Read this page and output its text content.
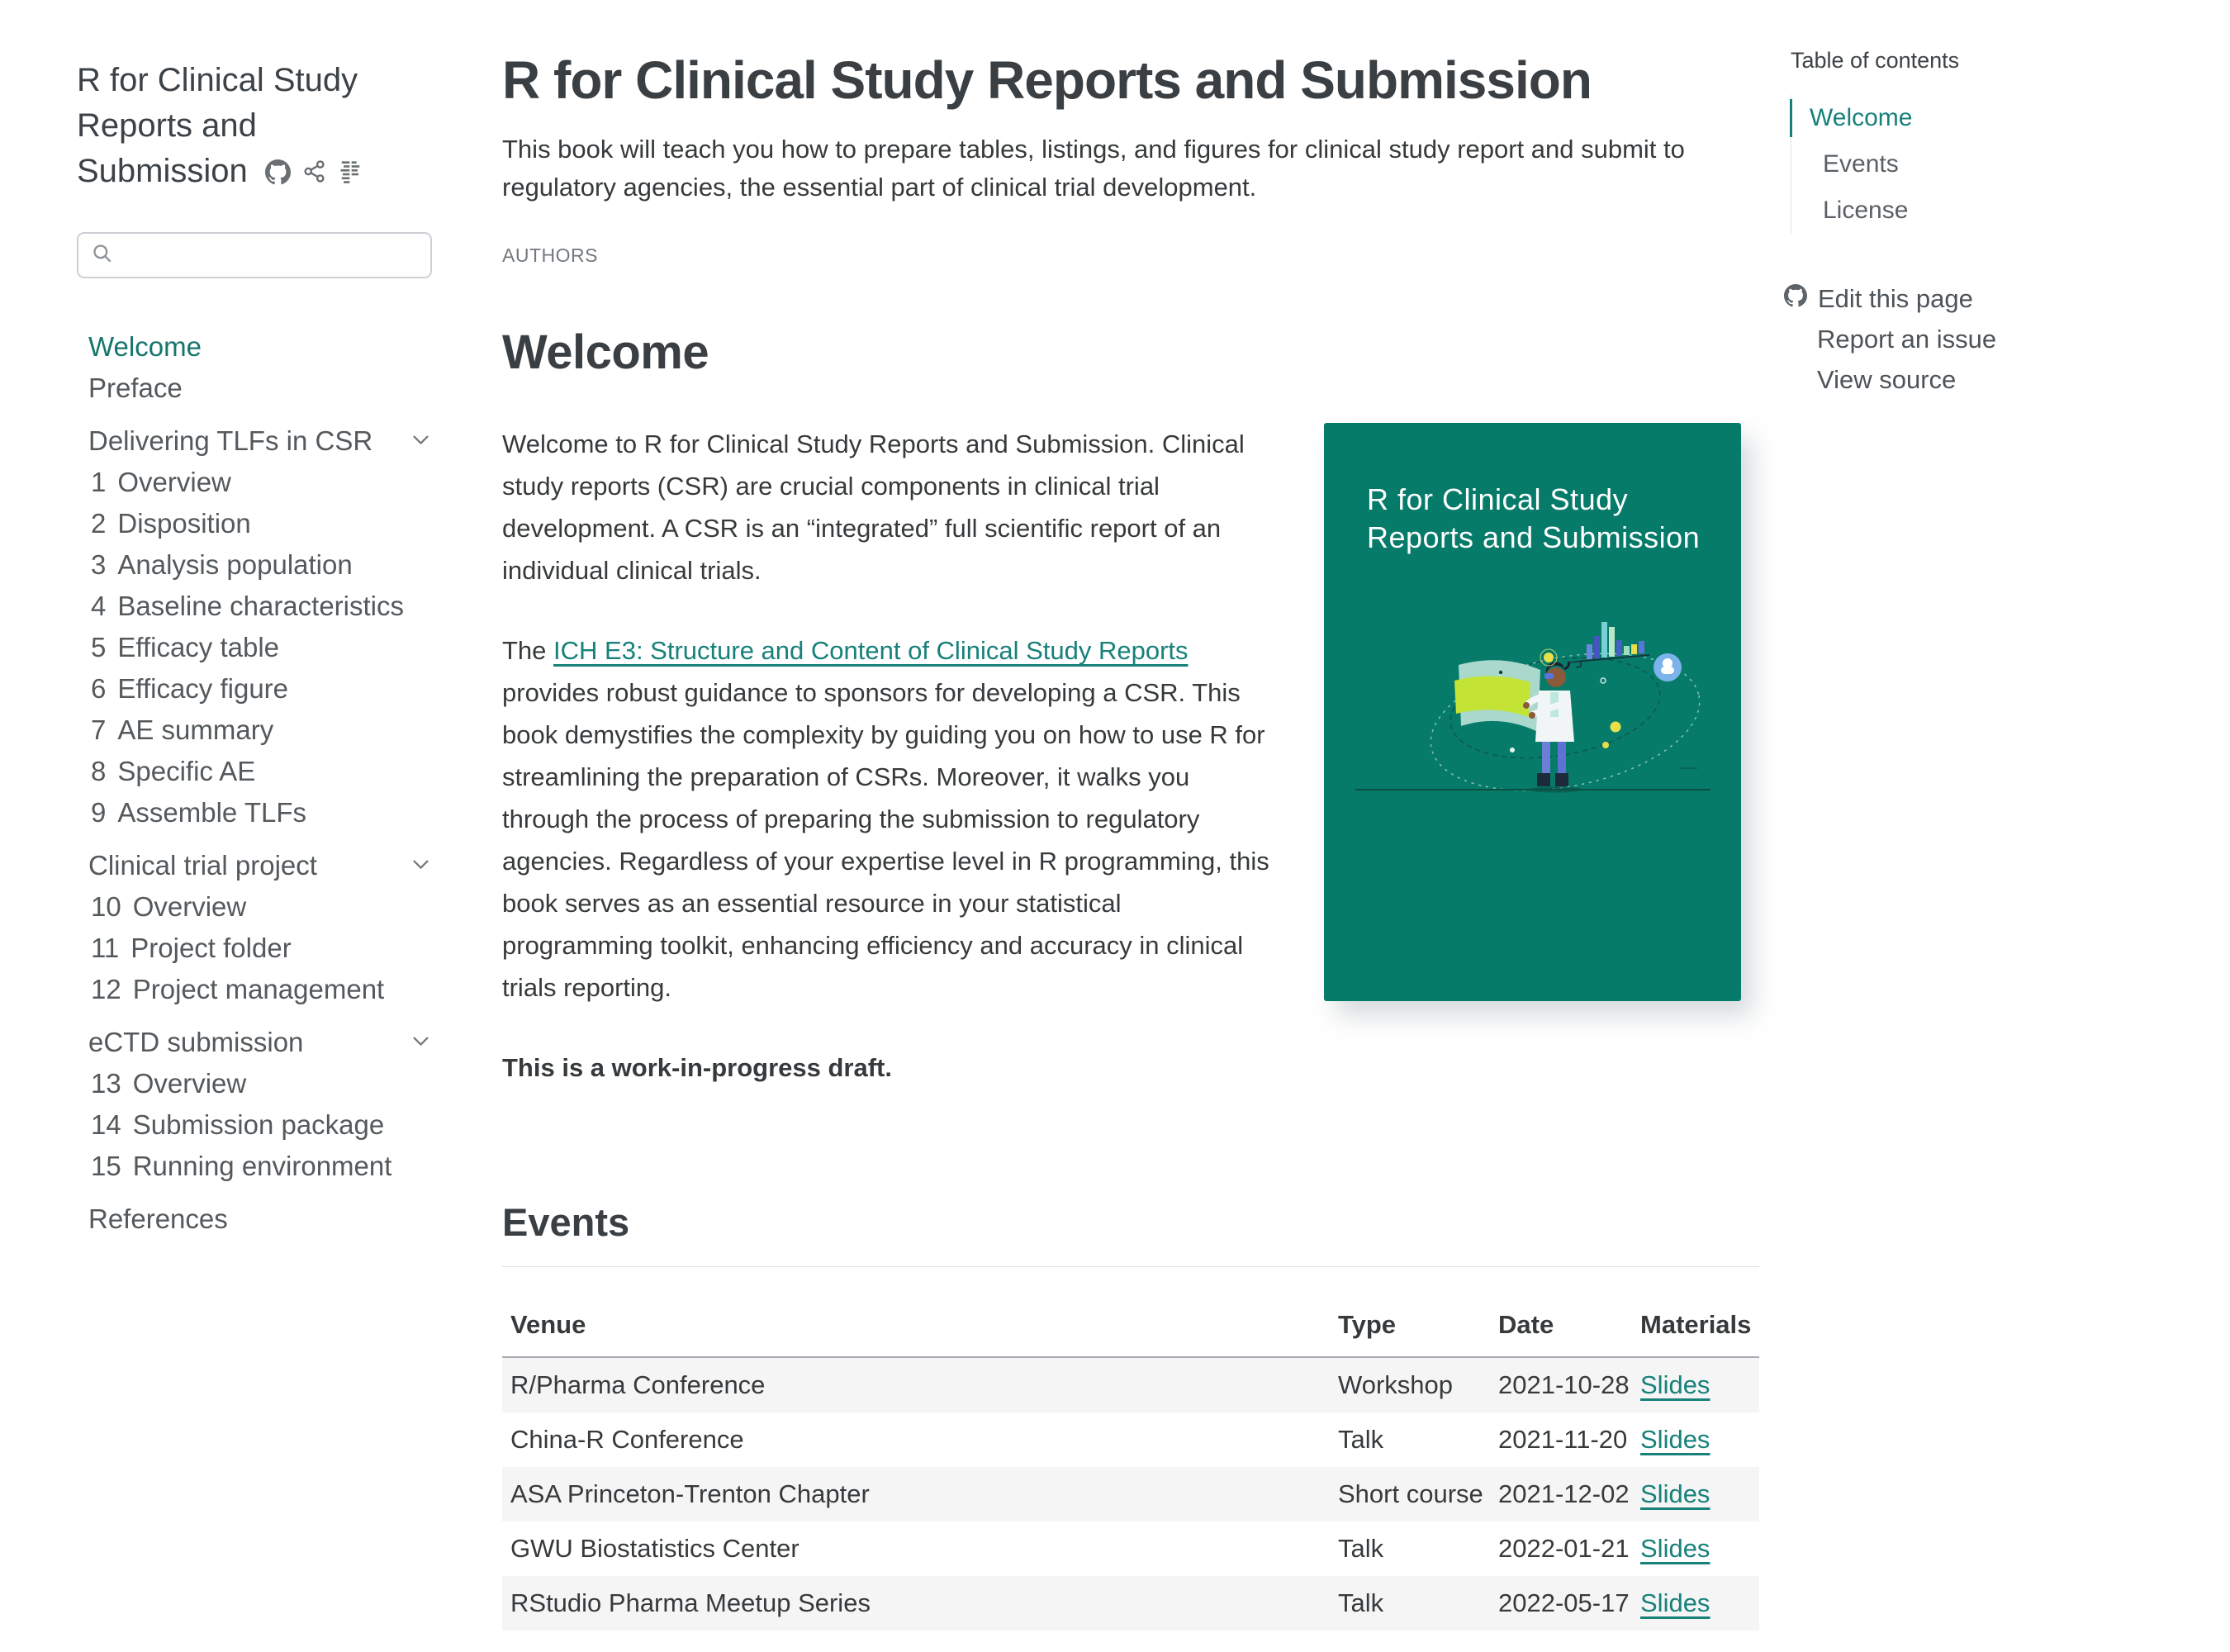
R for Clinical Study Reports and Submission
Welcome
Preface
Delivering TLFs in CSR
1 Overview
2 Disposition
3 Analysis population
4 Baseline characteristics
5 Efficacy table
6 Efficacy figure
7 AE summary
8 Specific AE
9 Assemble TLFs
Clinical trial project
10 Overview
11 Project folder
12 Project management
eCTD submission
13 Overview
14 Submission package
15 Running environment
References
R for Clinical Study Reports and Submission

This book will teach you how to prepare tables, listings, and figures for clinical study report and submit to regulatory agencies, the essential part of clinical trial development.

AUTHORS
Welcome

Welcome to R for Clinical Study Reports and Submission. Clinical study reports (CSR) are crucial components in clinical trial development. A CSR is an “integrated” full scientific report of an individual clinical trials.

The ICH E3: Structure and Content of Clinical Study Reports provides robust guidance to sponsors for developing a CSR. This book demystifies the complexity by guiding you on how to use R for streamlining the preparation of CSRs. Moreover, it walks you through the process of preparing the submission to regulatory agencies. Regardless of your expertise level in R programming, this book serves as an essential resource in your statistical programming toolkit, enhancing efficiency and accuracy in clinical trials reporting.

This is a work-in-progress draft.

R for Clinical Study
Reports and Submission
Events
Venue	Type	Date	Materials
R/Pharma Conference	Workshop	2021-10-28	Slides
China-R Conference	Talk	2021-11-20	Slides
ASA Princeton-Trenton Chapter	Short course	2021-12-02	Slides
GWU Biostatistics Center	Talk	2022-01-21	Slides
RStudio Pharma Meetup Series	Talk	2022-05-17	Slides
Table of contents
Welcome
Events
License
Edit this page
Report an issue
View source
